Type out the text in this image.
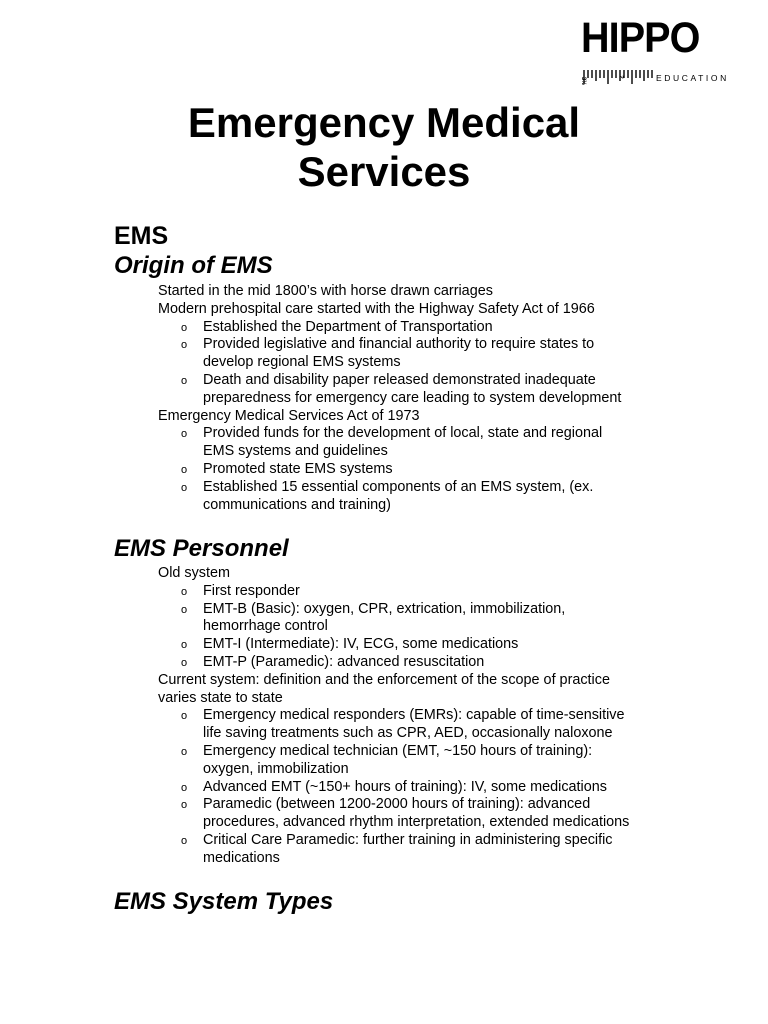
HIPPO
3½	2	EDUCATION
Emergency Medical
Services
EMS
Origin of EMS

Started in the mid 1800’s with horse drawn carriages

Modern prehospital care started with the Highway Safety Act of 1966

o Established the Department of Transportation
o Provided legislative and financial authority to require states to
develop regional EMS systems
o Death and disability paper released demonstrated inadequate
preparedness for emergency care leading to system development

Emergency Medical Services Act of 1973

o Provided funds for the development of local, state and regional
EMS systems and guidelines
o Promoted state EMS systems
o Established 15 essential components of an EMS system, (ex.
communications and training)
EMS Personnel

Old system

o First responder
o EMT-B (Basic): oxygen, CPR, extrication, immobilization,
hemorrhage control
o EMT-I (Intermediate): IV, ECG, some medications
o EMT-P (Paramedic): advanced resuscitation

Current system: definition and the enforcement of the scope of practice varies state to state

o Emergency medical responders (EMRs): capable of time-sensitive
life saving treatments such as CPR, AED, occasionally naloxone
o Emergency medical technician (EMT, ~150 hours of training):
oxygen, immobilization
o Advanced EMT (~150+ hours of training): IV, some medications
o Paramedic (between 1200-2000 hours of training): advanced
procedures, advanced rhythm interpretation, extended medications
o Critical Care Paramedic: further training in administering specific
medications
EMS System Types
